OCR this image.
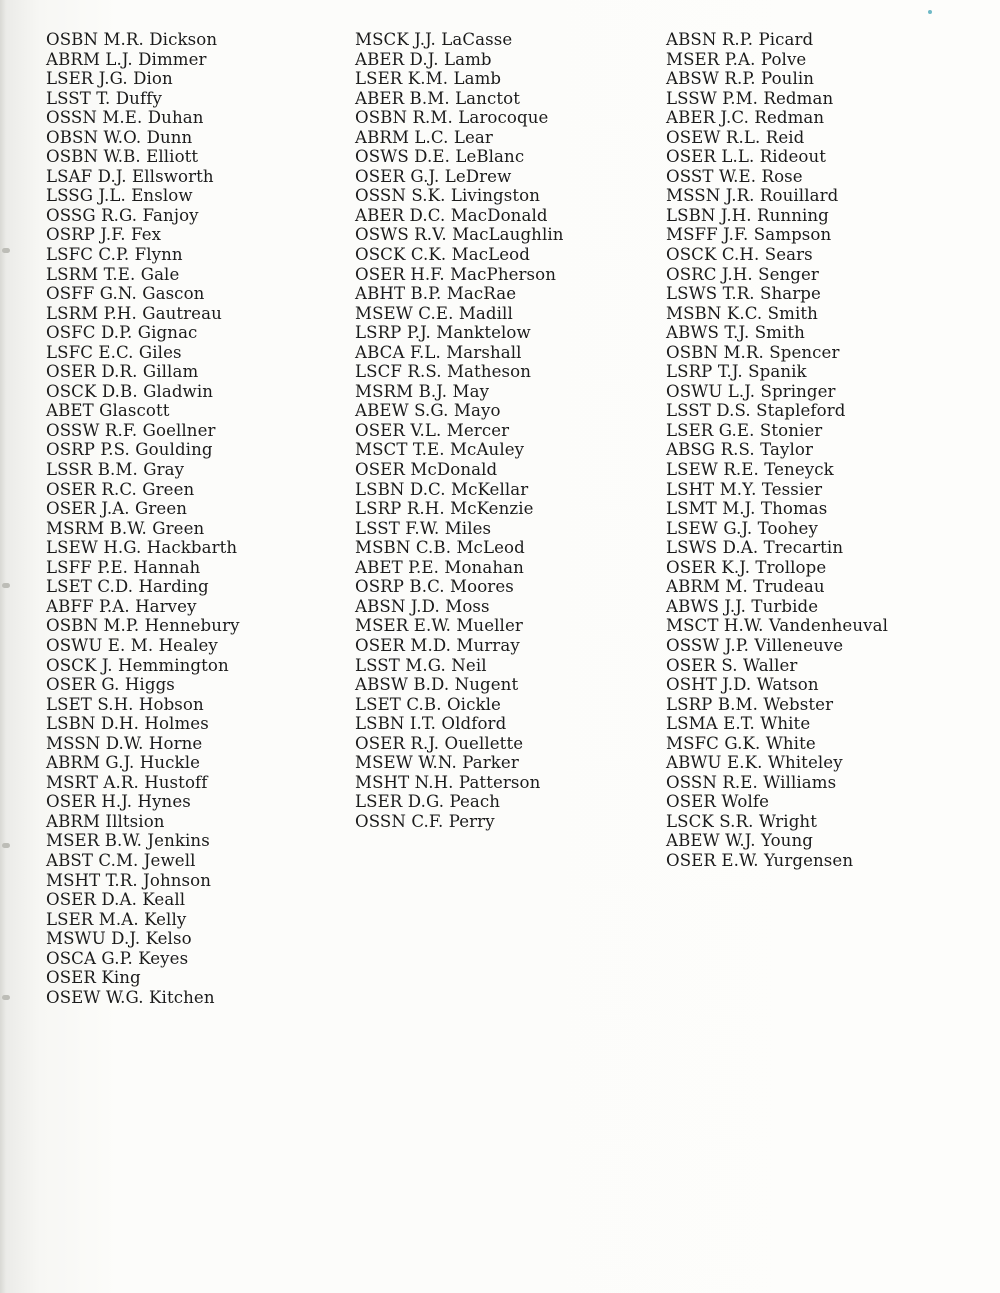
OSBN M.R. Dickson
ABRM L.J. Dimmer
LSER J.G. Dion
LSST T. Duffy
OSSN M.E. Duhan
OBSN W.O. Dunn
OSBN W.B. Elliott
LSAF D.J. Ellsworth
LSSG J.L. Enslow
OSSG R.G. Fanjoy
OSRP J.F. Fex
LSFC C.P. Flynn
LSRM T.E. Gale
OSFF G.N. Gascon
LSRM P.H. Gautreau
OSFC D.P. Gignac
LSFC E.C. Giles
OSER D.R. Gillam
OSCK D.B. Gladwin
ABET Glascott
OSSW R.F. Goellner
OSRP P.S. Goulding
LSSR B.M. Gray
OSER R.C. Green
OSER J.A. Green
MSRM B.W. Green
LSEW H.G. Hackbarth
LSFF P.E. Hannah
LSET C.D. Harding
ABFF P.A. Harvey
OSBN M.P. Hennebury
OSWU E. M. Healey
OSCK J. Hemmington
OSER G. Higgs
LSET S.H. Hobson
LSBN D.H. Holmes
MSSN D.W. Horne
ABRM G.J. Huckle
MSRT A.R. Hustoff
OSER H.J. Hynes
ABRM Illtsion
MSER B.W. Jenkins
ABST C.M. Jewell
MSHT T.R. Johnson
OSER D.A. Keall
LSER M.A. Kelly
MSWU D.J. Kelso
OSCA G.P. Keyes
OSER King
OSEW W.G. Kitchen
MSCK J.J. LaCasse
ABER D.J. Lamb
LSER K.M. Lamb
ABER B.M. Lanctot
OSBN R.M. Larocoque
ABRM L.C. Lear
OSWS D.E. LeBlanc
OSER G.J. LeDrew
OSSN S.K. Livingston
ABER D.C. MacDonald
OSWS R.V. MacLaughlin
OSCK C.K. MacLeod
OSER H.F. MacPherson
ABHT B.P. MacRae
MSEW C.E. Madill
LSRP P.J. Manktelow
ABCA F.L. Marshall
LSCF R.S. Matheson
MSRM B.J. May
ABEW S.G. Mayo
OSER V.L. Mercer
MSCT T.E. McAuley
OSER McDonald
LSBN D.C. McKellar
LSRP R.H. McKenzie
LSST F.W. Miles
MSBN C.B. McLeod
ABET P.E. Monahan
OSRP B.C. Moores
ABSN J.D. Moss
MSER E.W. Mueller
OSER M.D. Murray
LSST M.G. Neil
ABSW B.D. Nugent
LSET C.B. Oickle
LSBN I.T. Oldford
OSER R.J. Ouellette
MSEW W.N. Parker
MSHT N.H. Patterson
LSER D.G. Peach
OSSN C.F. Perry
ABSN R.P. Picard
MSER P.A. Polve
ABSW R.P. Poulin
LSSW P.M. Redman
ABER J.C. Redman
OSEW R.L. Reid
OSER L.L. Rideout
OSST W.E. Rose
MSSN J.R. Rouillard
LSBN J.H. Running
MSFF J.F. Sampson
OSCK C.H. Sears
OSRC J.H. Senger
LSWS T.R. Sharpe
MSBN K.C. Smith
ABWS T.J. Smith
OSBN M.R. Spencer
LSRP T.J. Spanik
OSWU L.J. Springer
LSST D.S. Stapleford
LSER G.E. Stonier
ABSG R.S. Taylor
LSEW R.E. Teneyck
LSHT M.Y. Tessier
LSMT M.J. Thomas
LSEW G.J. Toohey
LSWS D.A. Trecartin
OSER K.J. Trollope
ABRM M. Trudeau
ABWS J.J. Turbide
MSCT H.W. Vandenheuval
OSSW J.P. Villeneuve
OSER S. Waller
OSHT J.D. Watson
LSRP B.M. Webster
LSMA E.T. White
MSFC G.K. White
ABWU E.K. Whiteley
OSSN R.E. Williams
OSER Wolfe
LSCK S.R. Wright
ABEW W.J. Young
OSER E.W. Yurgensen
